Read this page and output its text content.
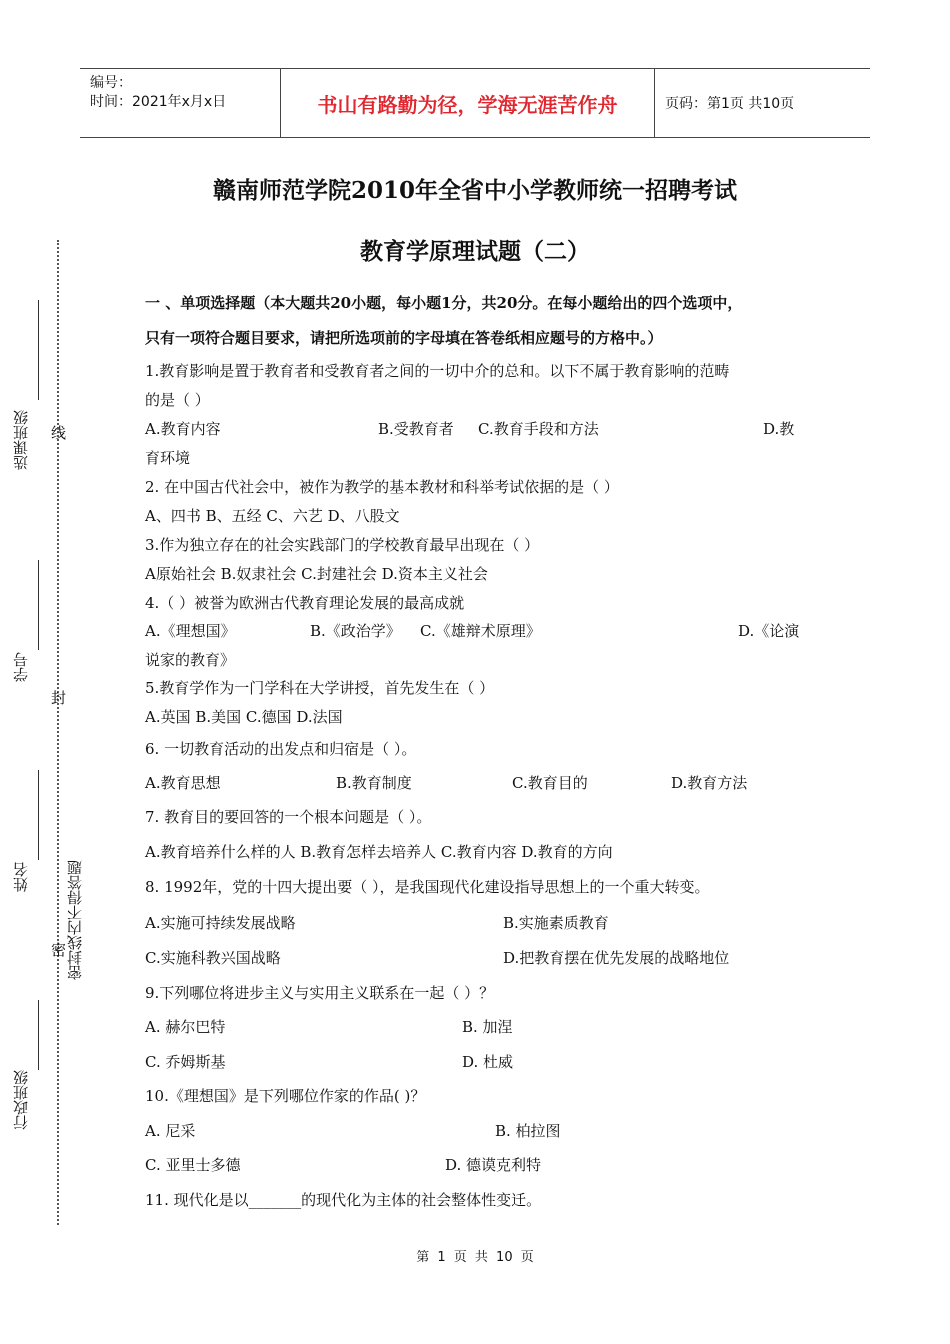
编号：
时间：2021年x月x日	书山有路勤为径，学海无涯苦作舟	页码：第1页 共10页
赣南师范学院2010年全省中小学教师统一招聘考试
教育学原理试题（二）
一 、单项选择题（本大题共20小题，每小题1分，共20分。在每小题给出的四个选项中，
只有一项符合题目要求，请把所选项前的字母填在答卷纸相应题号的方格中。）
1.教育影响是置于教育者和受教育者之间的一切中介的总和。以下不属于教育影响的范畴
的是（ ）
A.教育内容	B.受教育者 C.教育手段和方法	D.教
育环境
2. 在中国古代社会中，被作为教学的基本教材和科举考试依据的是（ ）
A、四书 B、五经 C、六艺 D、八股文
3.作为独立存在的社会实践部门的学校教育最早出现在（ ）
A原始社会 B.奴隶社会 C.封建社会 D.资本主义社会
4.（ ）被誉为欧洲古代教育理论发展的最高成就
A.《理想国》	B.《政治学》 C.《雄辩术原理》	D.《论演
说家的教育》
5.教育学作为一门学科在大学讲授，首先发生在（ ）
A.英国 B.美国 C.德国 D.法国
6. 一切教育活动的出发点和归宿是（ ）。
A.教育思想	B.教育制度	C.教育目的	D.教育方法
7. 教育目的要回答的一个根本问题是（ ）。
A.教育培养什么样的人 B.教育怎样去培养人 C.教育内容 D.教育的方向
8. 1992年，党的十四大提出要（ ），是我国现代化建设指导思想上的一个重大转变。
A.实施可持续发展战略	B.实施素质教育
C.实施科教兴国战略	D.把教育摆在优先发展的战略地位
9.下列哪位将进步主义与实用主义联系在一起（ ）？
A. 赫尔巴特	B. 加涅
C. 乔姆斯基	D. 杜威
10.《理想国》是下列哪位作家的作品( )？
A. 尼采	B. 柏拉图
C. 亚里士多德	D. 德谟克利特
11. 现代化是以_______的现代化为主体的社会整体性变迁。
选课班级
学号
姓名
行政班级
线
封
密 密封线内不得答题
第 1 页 共 10 页
